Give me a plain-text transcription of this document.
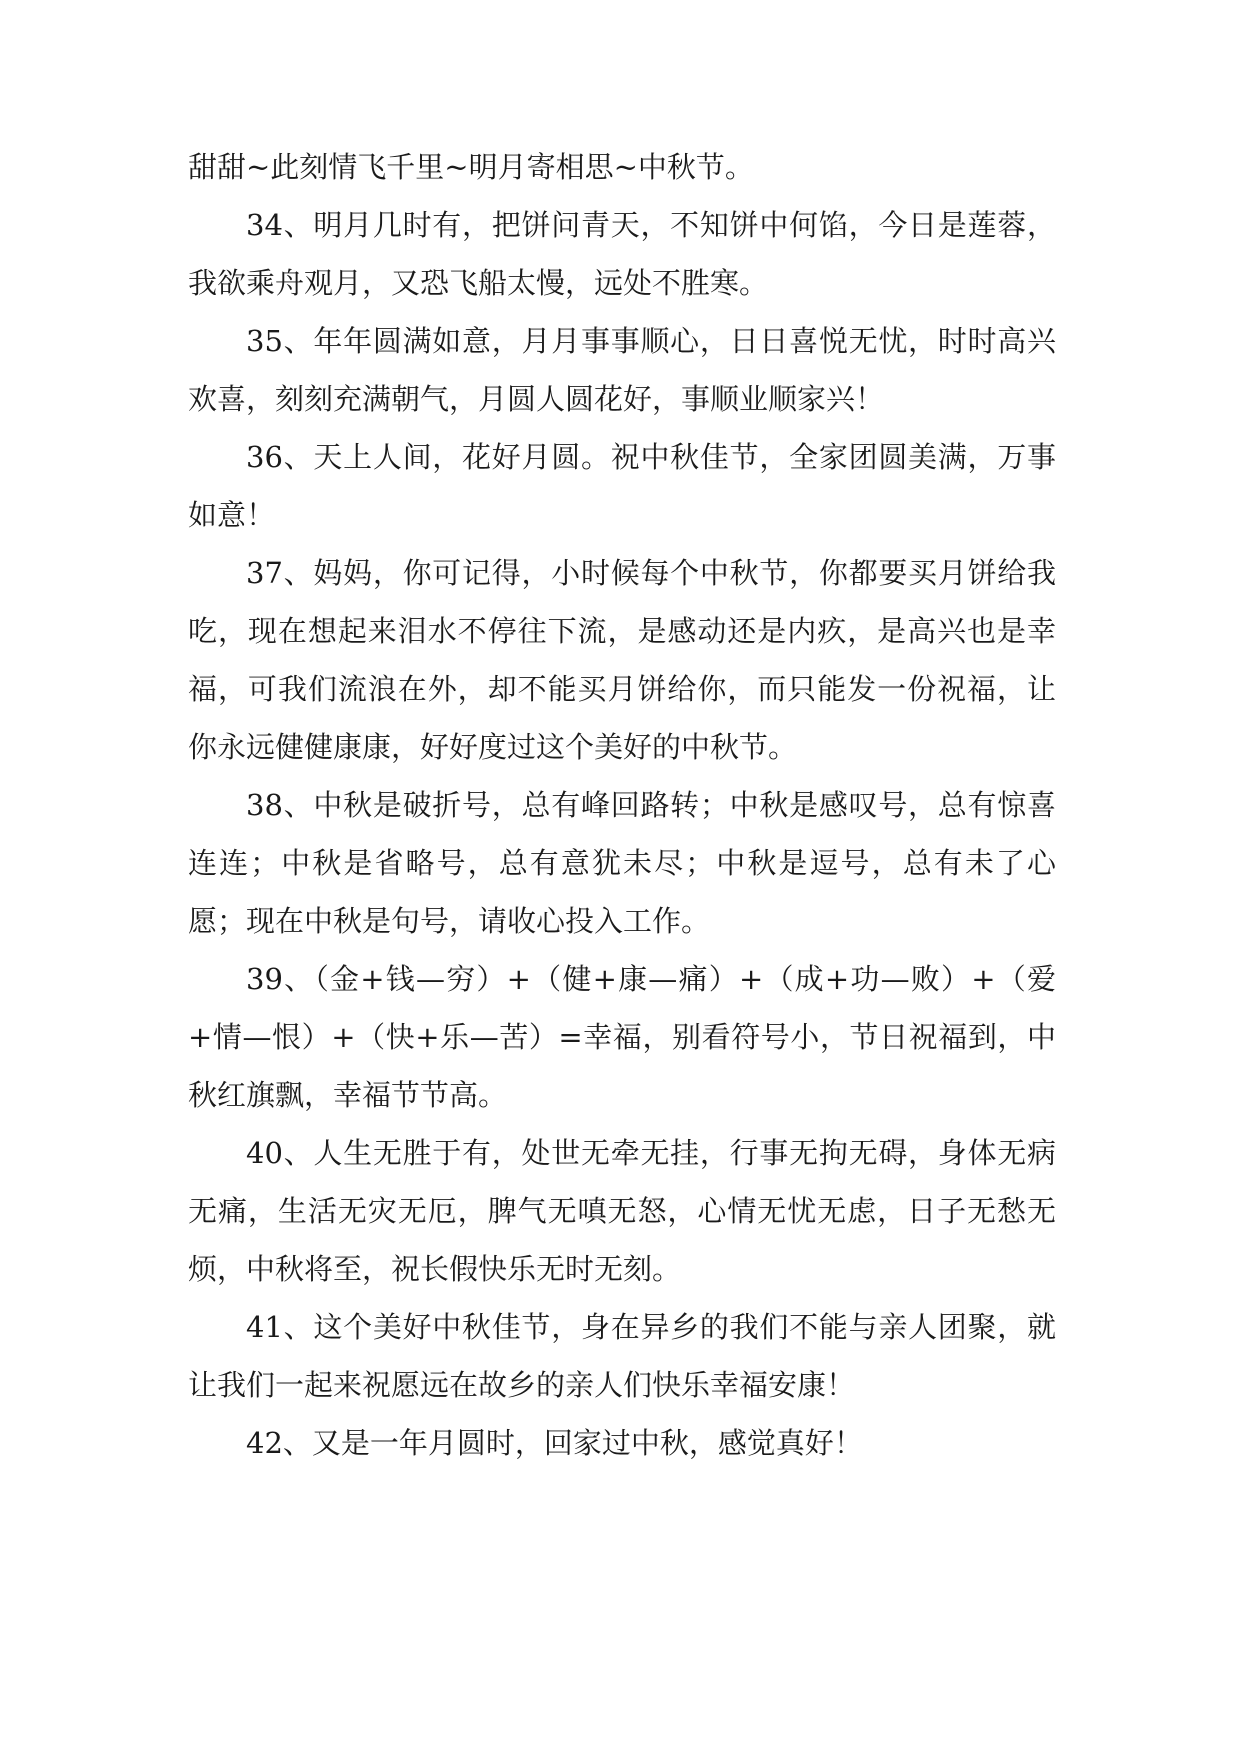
甜甜~此刻情飞千里~明月寄相思~中秋节。

34、明月几时有，把饼问青天，不知饼中何馅，今日是莲蓉，我欲乘舟观月，又恐飞船太慢，远处不胜寒。

35、年年圆满如意，月月事事顺心，日日喜悦无忧，时时高兴欢喜，刻刻充满朝气，月圆人圆花好，事顺业顺家兴！

36、天上人间，花好月圆。祝中秋佳节，全家团圆美满，万事如意！

37、妈妈，你可记得，小时候每个中秋节，你都要买月饼给我吃，现在想起来泪水不停往下流，是感动还是内疚，是高兴也是幸福，可我们流浪在外，却不能买月饼给你，而只能发一份祝福，让你永远健健康康，好好度过这个美好的中秋节。

38、中秋是破折号，总有峰回路转；中秋是感叹号，总有惊喜连连；中秋是省略号，总有意犹未尽；中秋是逗号，总有未了心愿；现在中秋是句号，请收心投入工作。

39、（金+钱—穷）+（健+康—痛）+（成+功—败）+（爱+情—恨）+（快+乐—苦）=幸福，别看符号小，节日祝福到，中秋红旗飘，幸福节节高。

40、人生无胜于有，处世无牵无挂，行事无拘无碍，身体无病无痛，生活无灾无厄，脾气无嗔无怒，心情无忧无虑，日子无愁无烦，中秋将至，祝长假快乐无时无刻。

41、这个美好中秋佳节，身在异乡的我们不能与亲人团聚，就让我们一起来祝愿远在故乡的亲人们快乐幸福安康！

42、又是一年月圆时，回家过中秋，感觉真好！
